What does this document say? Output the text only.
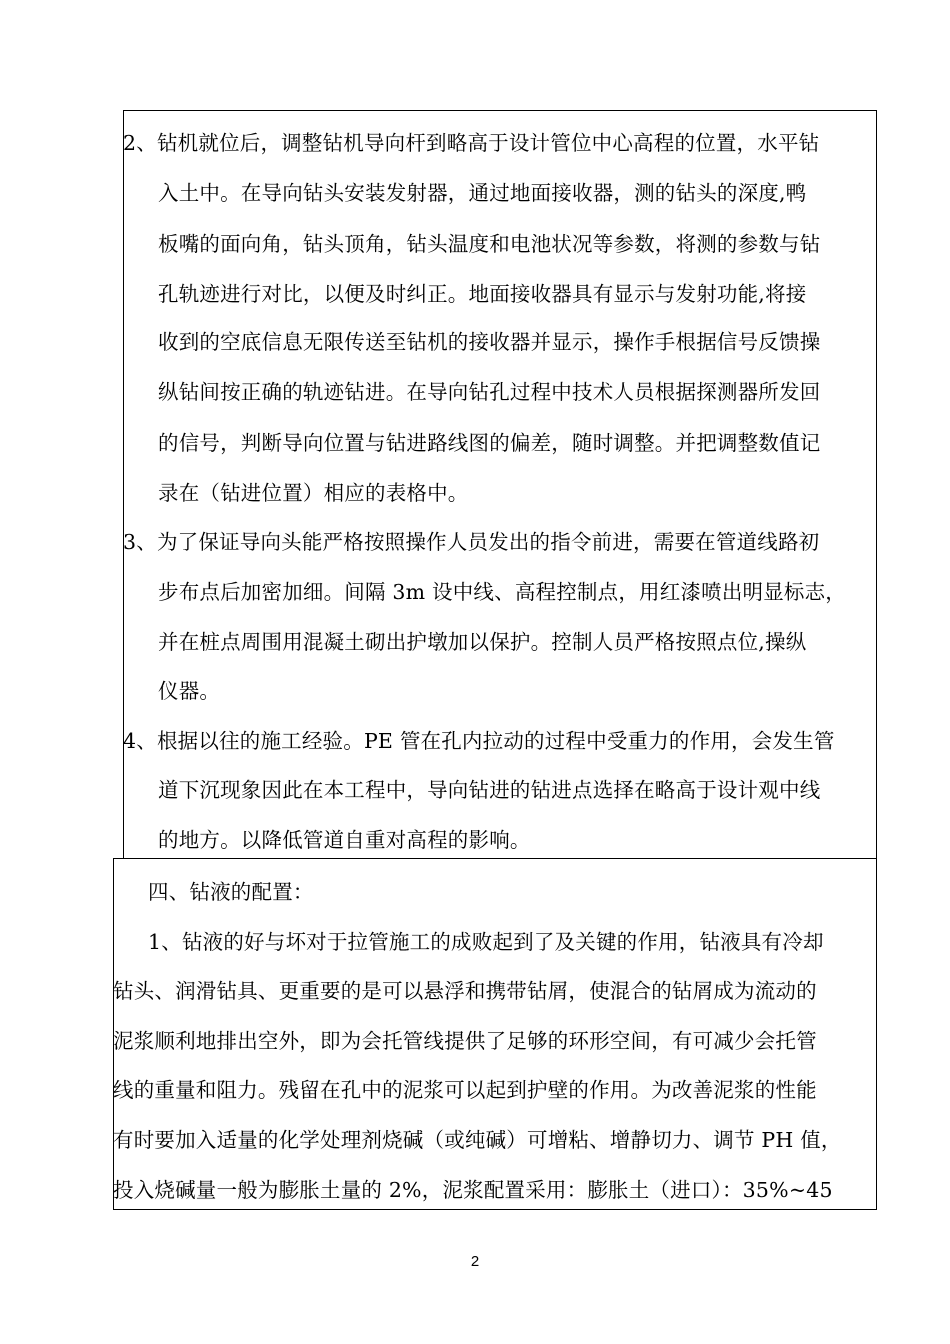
2、钻机就位后，调整钻机导向杆到略高于设计管位中心高程的位置，水平钻
入土中。在导向钻头安装发射器，通过地面接收器，测的钻头的深度,鸭
板嘴的面向角，钻头顶角，钻头温度和电池状况等参数，将测的参数与钻
孔轨迹进行对比，以便及时纠正。地面接收器具有显示与发射功能,将接
收到的空底信息无限传送至钻机的接收器并显示，操作手根据信号反馈操
纵钻间按正确的轨迹钻进。在导向钻孔过程中技术人员根据探测器所发回
的信号，判断导向位置与钻进路线图的偏差，随时调整。并把调整数值记
录在（钻进位置）相应的表格中。
3、为了保证导向头能严格按照操作人员发出的指令前进，需要在管道线路初
步布点后加密加细。间隔 3m 设中线、高程控制点，用红漆喷出明显标志，
并在桩点周围用混凝土砌出护墩加以保护。控制人员严格按照点位,操纵
仪器。
4、根据以往的施工经验。PE 管在孔内拉动的过程中受重力的作用，会发生管
道下沉现象因此在本工程中，导向钻进的钻进点选择在略高于设计观中线
的地方。以降低管道自重对高程的影响。
四、钻液的配置：
1、钻液的好与坏对于拉管施工的成败起到了及关键的作用，钻液具有冷却
钻头、润滑钻具、更重要的是可以悬浮和携带钻屑，使混合的钻屑成为流动的
泥浆顺利地排出空外，即为会托管线提供了足够的环形空间，有可减少会托管
线的重量和阻力。残留在孔中的泥浆可以起到护壁的作用。为改善泥浆的性能
有时要加入适量的化学处理剂烧碱（或纯碱）可增粘、增静切力、调节 PH 值，
投入烧碱量一般为膨胀土量的 2%，泥浆配置采用：膨胀土（进口）：35%~45
2
